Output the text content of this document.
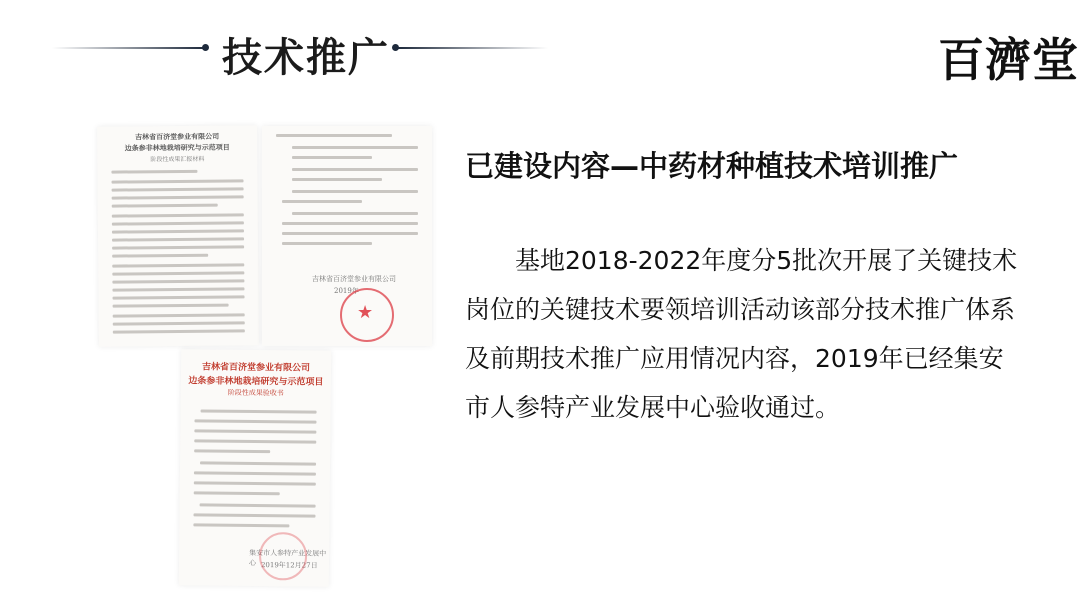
技术推广	百濟堂
吉林省百济堂参业有限公司
边条参非林地栽培研究与示范项目
阶段性成果汇报材料
吉林省百济堂参业有限公司
2019年
★
吉林省百济堂参业有限公司
边条参非林地栽培研究与示范项目
阶段性成果验收书
集安市人参特产业发展中心 2019年12月27日
已建设内容—中药材种植技术培训推广
基地2018-2022年度分5批次开展了关键技术岗位的关键技术要领培训活动该部分技术推广体系及前期技术推广应用情况内容，2019年已经集安市人参特产业发展中心验收通过。
